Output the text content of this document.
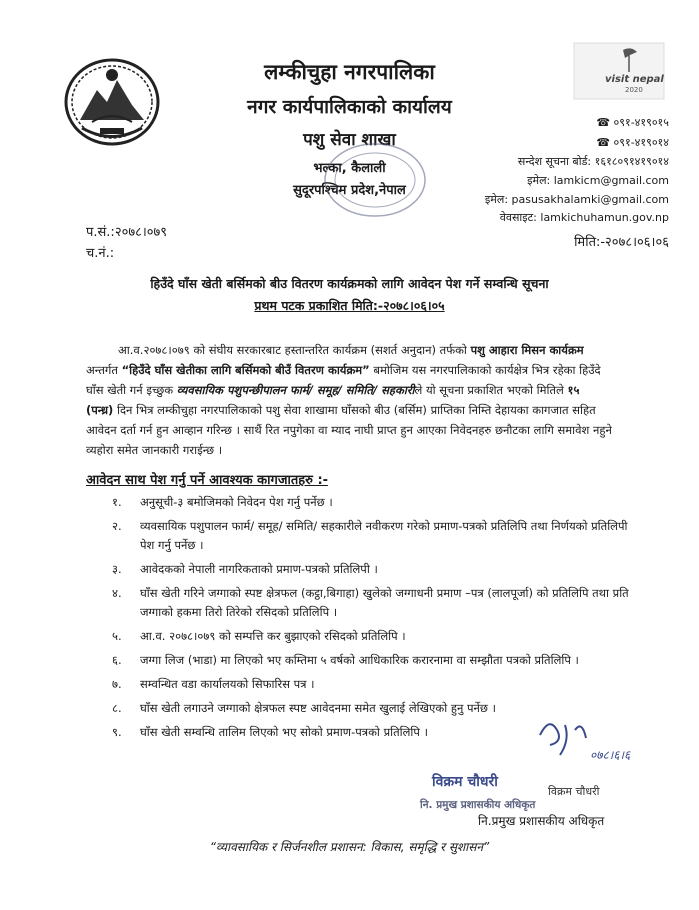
visit nepal
2020
लम्कीचुहा नगरपालिका
नगर कार्यपालिकाको कार्यालय
पशु सेवा शाखा
भल्का, कैलाली
सुदूरपश्चिम प्रदेश,नेपाल
☎ ०९१-४१९०१५
☎ ०९१-४१९०१४
सन्देश सूचना बोर्ड: १६१८०९१४१९०१४
इमेल: lamkicm@gmail.com
इमेल: pasusakhalamki@gmail.com
वेवसाइट: lamkichuhamun.gov.np
प.सं.:२०७८।०७९
च.नं.:
मिति:-२०७८।०६।०६
हिउँदे घाँस खेती बर्सिमको बीउ वितरण कार्यक्रमको लागि आवेदन पेश गर्ने सम्वन्धि सूचना
प्रथम पटक प्रकाशित मिति:-२०७८।०६।०५
आ.व.२०७८।०७९ को संघीय सरकारबाट हस्तान्तरित कार्यक्रम (सशर्त अनुदान) तर्फको पशु आहारा मिसन कार्यक्रम
अन्तर्गत “हिउँदे घाँस खेतीका लागि बर्सिमको बीउँ वितरण कार्यक्रम” बमोजिम यस नगरपालिकाको कार्यक्षेत्र भित्र रहेका हिउँदे
घाँस खेती गर्न इच्छुक व्यवसायिक पशुपन्छीपालन फार्म/ समूह/ समिति/ सहकारीले यो सूचना प्रकाशित भएको मितिले १५
(पन्ध्र) दिन भित्र लम्कीचुहा नगरपालिकाको पशु सेवा शाखामा घाँसको बीउ (बर्सिम) प्राप्तिका निम्ति देहायका कागजात सहित
आवेदन दर्ता गर्न हुन आव्हान गरिन्छ । साथैं रित नपुगेका वा म्याद नाघी प्राप्त हुन आएका निवेदनहरु छनौटका लागि समावेश नहुने
व्यहोरा समेत जानकारी गराईन्छ ।
आवेदन साथ पेश गर्नु पर्ने आवश्यक कागजातहरु :-
१.	अनुसूची-३ बमोजिमको निवेदन पेश गर्नु पर्नेछ ।
२.	व्यवसायिक पशुपालन फार्म/ समूह/ समिति/ सहकारीले नवीकरण गरेको प्रमाण-पत्रको प्रतिलिपि तथा निर्णयको प्रतिलिपी
पेश गर्नु पर्नेछ ।
३.	आवेदकको नेपाली नागरिकताको प्रमाण-पत्रको प्रतिलिपी ।
४.	घाँस खेती गरिने जग्गाको स्पष्ट क्षेत्रफल (कट्ठा,बिगाहा) खुलेको जग्गाधनी प्रमाण –पत्र (लालपूर्जा) को प्रतिलिपि तथा प्रति
जग्गाको हकमा तिरो तिरेको रसिदको प्रतिलिपि ।
५.	आ.व. २०७८।०७९ को सम्पत्ति कर बुझाएको रसिदको प्रतिलिपि ।
६.	जग्गा लिज (भाडा) मा लिएको भए कम्तिमा ५ वर्षको आधिकारिक करारनामा वा सम्झौता पत्रको प्रतिलिपि ।
७.	सम्वन्धित वडा कार्यालयको सिफारिस पत्र ।
८.	घाँस खेती लगाउने जग्गाको क्षेत्रफल स्पष्ट आवेदनमा समेत खुलाई लेखिएको हुनु पर्नेछ ।
९.	घाँस खेती सम्वन्धि तालिम लिएको भए सोको प्रमाण-पत्रको प्रतिलिपि ।
०७८।६।६
विक्रम चौधरी
विक्रम चौधरी
नि. प्रमुख प्रशासकीय अधिकृत
नि.प्रमुख प्रशासकीय अधिकृत
“व्यावसायिक र सिर्जनशील प्रशासन: विकास, समृद्धि र सुशासन”
